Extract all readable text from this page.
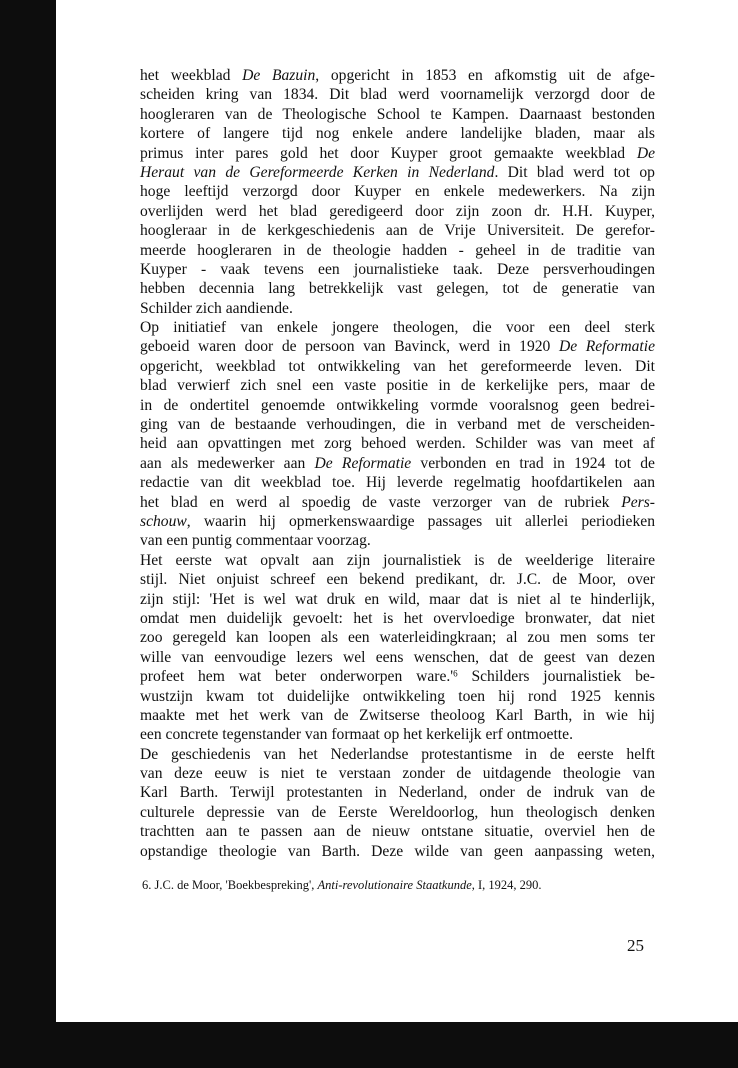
het weekblad De Bazuin, opgericht in 1853 en afkomstig uit de afge-
scheiden kring van 1834. Dit blad werd voornamelijk verzorgd door de
hoogleraren van de Theologische School te Kampen. Daarnaast bestonden
kortere of langere tijd nog enkele andere landelijke bladen, maar als
primus inter pares gold het door Kuyper groot gemaakte weekblad De
Heraut van de Gereformeerde Kerken in Nederland. Dit blad werd tot op
hoge leeftijd verzorgd door Kuyper en enkele medewerkers. Na zijn
overlijden werd het blad geredigeerd door zijn zoon dr. H.H. Kuyper,
hoogleraar in de kerkgeschiedenis aan de Vrije Universiteit. De gerefor-
meerde hoogleraren in de theologie hadden - geheel in de traditie van
Kuyper - vaak tevens een journalistieke taak. Deze persverhoudingen
hebben decennia lang betrekkelijk vast gelegen, tot de generatie van
Schilder zich aandiende.
Op initiatief van enkele jongere theologen, die voor een deel sterk
geboeid waren door de persoon van Bavinck, werd in 1920 De Reformatie
opgericht, weekblad tot ontwikkeling van het gereformeerde leven. Dit
blad verwierf zich snel een vaste positie in de kerkelijke pers, maar de
in de ondertitel genoemde ontwikkeling vormde vooralsnog geen bedrei-
ging van de bestaande verhoudingen, die in verband met de verscheiden-
heid aan opvattingen met zorg behoed werden. Schilder was van meet af
aan als medewerker aan De Reformatie verbonden en trad in 1924 tot de
redactie van dit weekblad toe. Hij leverde regelmatig hoofdartikelen aan
het blad en werd al spoedig de vaste verzorger van de rubriek Pers-
schouw, waarin hij opmerkenswaardige passages uit allerlei periodieken
van een puntig commentaar voorzag.
Het eerste wat opvalt aan zijn journalistiek is de weelderige literaire
stijl. Niet onjuist schreef een bekend predikant, dr. J.C. de Moor, over
zijn stijl: 'Het is wel wat druk en wild, maar dat is niet al te hinderlijk,
omdat men duidelijk gevoelt: het is het overvloedige bronwater, dat niet
zoo geregeld kan loopen als een waterleidingkraan; al zou men soms ter
wille van eenvoudige lezers wel eens wenschen, dat de geest van dezen
profeet hem wat beter onderworpen $ware.'^6$ Schilders journalistiek be-
wustzijn kwam tot duidelijke ontwikkeling toen hij rond 1925 kennis
maakte met het werk van de Zwitserse theoloog Karl Barth, in wie hij
een concrete tegenstander van formaat op het kerkelijk erf ontmoette.
De geschiedenis van het Nederlandse protestantisme in de eerste helft
van deze eeuw is niet te verstaan zonder de uitdagende theologie van
Karl Barth. Terwijl protestanten in Nederland, onder de indruk van de
culturele depressie van de Eerste Wereldoorlog, hun theologisch denken
trachtten aan te passen aan de nieuw ontstane situatie, overviel hen de
opstandige theologie van Barth. Deze wilde van geen aanpassing weten,
6. J.C. de Moor, 'Boekbespreking', Anti-revolutionaire Staatkunde, I, 1924, 290.
25
